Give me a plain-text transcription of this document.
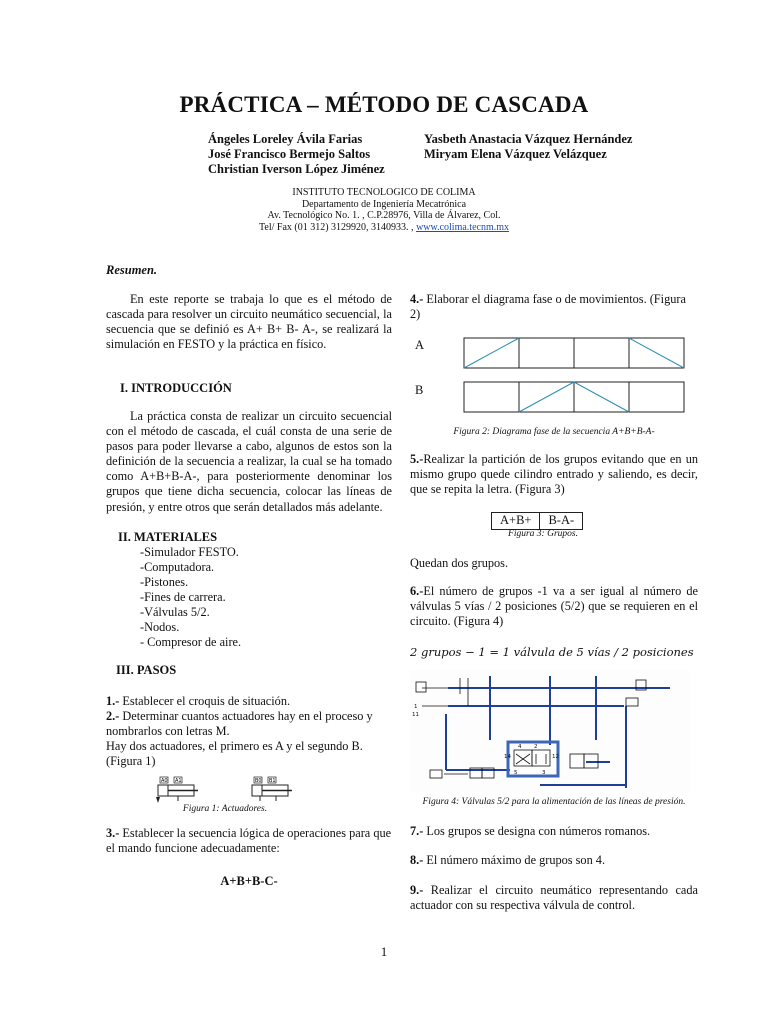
PRÁCTICA – MÉTODO DE CASCADA
Ángeles Loreley Ávila Farias
José Francisco Bermejo Saltos
Christian Iverson López Jiménez
Yasbeth Anastacia Vázquez Hernández
Miryam Elena Vázquez Velázquez
INSTITUTO TECNOLOGICO DE COLIMA
Departamento de Ingeniería Mecatrónica
Av. Tecnológico No. 1. , C.P.28976, Villa de Álvarez, Col.
Tel/ Fax (01 312) 3129920, 3140933. , www.colima.tecnm.mx
Resumen.
En este reporte se trabaja lo que es el método de cascada para resolver un circuito neumático secuencial, la secuencia que se definió es A+ B+ B- A-, se realizará la simulación en FESTO y la práctica en físico.
I. INTRODUCCIÓN
La práctica consta de realizar un circuito secuencial con el método de cascada, el cuál consta de una serie de pasos para poder llevarse a cabo, algunos de estos son la definición de la secuencia a realizar, la cual se ha tomado como A+B+B-A-, para posteriormente denominar los grupos que tiene dicha secuencia, colocar las líneas de presión, y entre otros que serán detallados más adelante.
II. MATERIALES
-Simulador FESTO.
-Computadora.
-Pistones.
-Fines de carrera.
-Válvulas 5/2.
-Nodos.
- Compresor de aire.
III. PASOS
1.- Establecer el croquis de situación.
2.- Determinar cuantos actuadores hay en el proceso y nombrarlos con letras M.
Hay dos actuadores, el primero es A y el segundo B. (Figura 1)
A0 A1	B0 B1
Figura 1: Actuadores.
3.- Establecer la secuencia lógica de operaciones para que el mando funcione adecuadamente:
A+B+B-C-
4.- Elaborar el diagrama fase o de movimientos. (Figura 2)
A
B
Figura 2: Diagrama fase de la secuencia A+B+B-A-
5.-Realizar la partición de los grupos evitando que en un mismo grupo quede cilindro entrado y saliendo, es decir, que se repita la letra. (Figura 3)
A+B+	B-A-
Figura 3: Grupos.
Quedan dos grupos.
6.-El número de grupos -1 va a ser igual al número de válvulas 5 vías / 2 posiciones (5/2) que se requieren en el circuito. (Figura 4)
2 grupos − 1 = 1 válvula de 5 vías / 2 posiciones
1
11
2
4
5	3
14	12
Figura 4: Válvulas 5/2 para la alimentación de las líneas de presión.
7.- Los grupos se designa con números romanos.
8.- El número máximo de grupos son 4.
9.- Realizar el circuito neumático representando cada actuador con su respectiva válvula de control.
1
